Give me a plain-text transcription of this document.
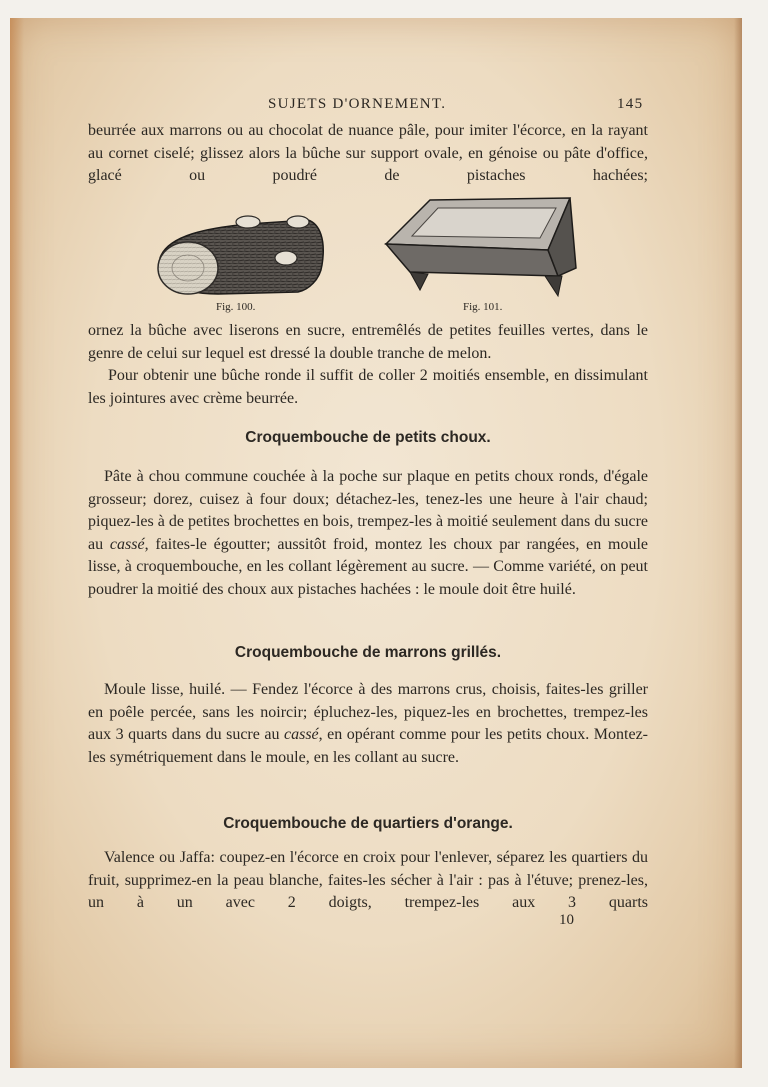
SUJETS D'ORNEMENT.	145

beurrée aux marrons ou au chocolat de nuance pâle, pour imiter l'écorce, en la rayant au cornet ciselé; glissez alors la bûche sur support ovale, en génoise ou pâte d'office, glacé ou poudré de pistaches hachées;

Fig. 100.	Fig. 101.

ornez la bûche avec liserons en sucre, entremêlés de petites feuilles vertes, dans le genre de celui sur lequel est dressé la double tranche de melon.

Pour obtenir une bûche ronde il suffit de coller 2 moitiés ensemble, en dissimulant les jointures avec crème beurrée.

Croquembouche de petits choux.

Pâte à chou commune couchée à la poche sur plaque en petits choux ronds, d'égale grosseur; dorez, cuisez à four doux; détachez-les, tenez-les une heure à l'air chaud; piquez-les à de petites brochettes en bois, trempez-les à moitié seulement dans du sucre au cassé, faites-le égoutter; aussitôt froid, montez les choux par rangées, en moule lisse, à croquembouche, en les collant légèrement au sucre. — Comme variété, on peut poudrer la moitié des choux aux pistaches hachées : le moule doit être huilé.

Croquembouche de marrons grillés.

Moule lisse, huilé. — Fendez l'écorce à des marrons crus, choisis, faites-les griller en poêle percée, sans les noircir; épluchez-les, piquez-les en brochettes, trempez-les aux 3 quarts dans du sucre au cassé, en opérant comme pour les petits choux. Montez-les symétriquement dans le moule, en les collant au sucre.

Croquembouche de quartiers d'orange.

Valence ou Jaffa: coupez-en l'écorce en croix pour l'enlever, séparez les quartiers du fruit, supprimez-en la peau blanche, faites-les sécher à l'air : pas à l'étuve; prenez-les, un à un avec 2 doigts, trempez-les aux 3 quarts

10
